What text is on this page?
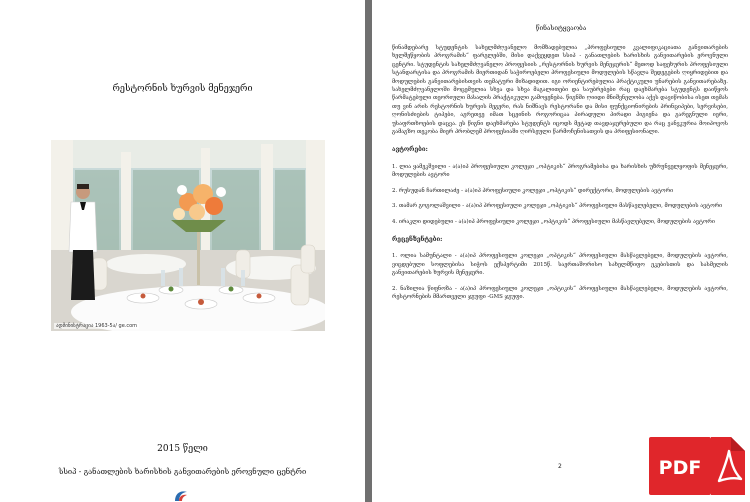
რესტორნის ხურვის მენეჯერი
ადმინისტრაცია 1963-5ა/ ge.com
2015 წელი
სსიპ - განათლების ხარისხის განვითარების ეროვნული ცენტრი
წინასიტყვაობა

წინამდებარე სტუდენტის სახელმძღვანელო მომზადებულია „პროფესიული კვალიფიკაციათა განვითარების ხელშეწყობის პროგრამის“ ფარგლებში, მისი დაქვეყდეთ სსიპ - განათლების ხარისხის განვითარების ეროვნული ცენტრი. სტუდენტის სახელმძღვანელო პროფესიის „რესტორნის ხურვის მენეჯერის“ მეთოდ საფეხურის პროფესიული სტანდარტისა და პროგრამის მიერთიდან საჭიროებელი პროფესიული მოდულების სწავლა შედეგების ღიყრიდებით და მოდულების განვითარებისთვის თემატური მიზადიდით. იგი ორიენტირებულია პრაქტიკული უნარების განვითარებაზე. სახელმძღვანელოში მოცემულია სხვა და სხვა მაგალითები და საუბრებები რაც დაეხმარება სტუდენტს დაიწყოს წარმატებული თეორიული მასალის პრაქტიკული გამოყენება. წიგნში ღიიდი მნიშვნელობა აქვს დავიწობისა ისეთ თემას თუ ვინ არის რესტორნის ხურვის მეგერი, რას ნიშნავს რესტორანი და მისი ფუნქციონირების პრინციპები, სერვისები, ღონისძიების ტიპები, აგრეთვე იმათ სცეინის როგორიცაა პირადული პირადი ჰიგიენა და გარეგნული იერი, უსაფრთხოების დაცვა. ეს წიგნი დაეხმარება სტუდენტს იცოდს მეტად თავდაჯერებული და რაც ვანვკურია მოიპოვოს გამაგზო თეკობა მიერ პრობლემ პროფესიაში ღირსეული წარმოჩენისათვის და პრიფესიონალი.

ავტორები:

1. ლია ყამეკშვილი - ა(ა)იპ პროფესიული კოლეჯი „ოპტიკის“ პროგრამებისა და ხარისხის უზრუნველყოფის მენეჯერი, მოდულების ავტორი

2. რუსუდან ჩართილაძე - ა(ა)იპ პროფესიული კოლეჯი „ოპტიკის“ დირექტორი, მოდულების ავტორი

3. თამარ გოგოლაშვილი - ა(ა)იპ პროფესიული კოლეჯი „ოპტიკის“ პროფესიული მასწავლებელი, მოდულების ავტორი

4. ირაკლი დიდებული - ა(ა)იპ პროფესიული კოლეჯი „ოპტიკის“ პროფესიული მასწავლებელი, მოდულების ავტორი

რეცენზენტები:

1. ოლია სამუნტალი - ა(ა)იპ პროფესიული კოლეჯი „ოპტიკის“ პროფესიული მასწავლებელი, მოდულების ავტორი, ვიცდებული სოფლებისა სიჭოს ექსპერტიმი 2015წ. საერთაშორისო სახელმწიფო ეკებისთის და სასმელის განვითარების ხურვის მენეჯერი.

2. ნაზილია წიფნოზა - ა(ა)იპ პროფესიული კოლეჯი „ოპტიკის“ პროფესიული მასწავლებელი, მოდულების ავტორი, რესტორნების მმართველი ჯგუფი -GMS ჯგუფი.

2	PDF
